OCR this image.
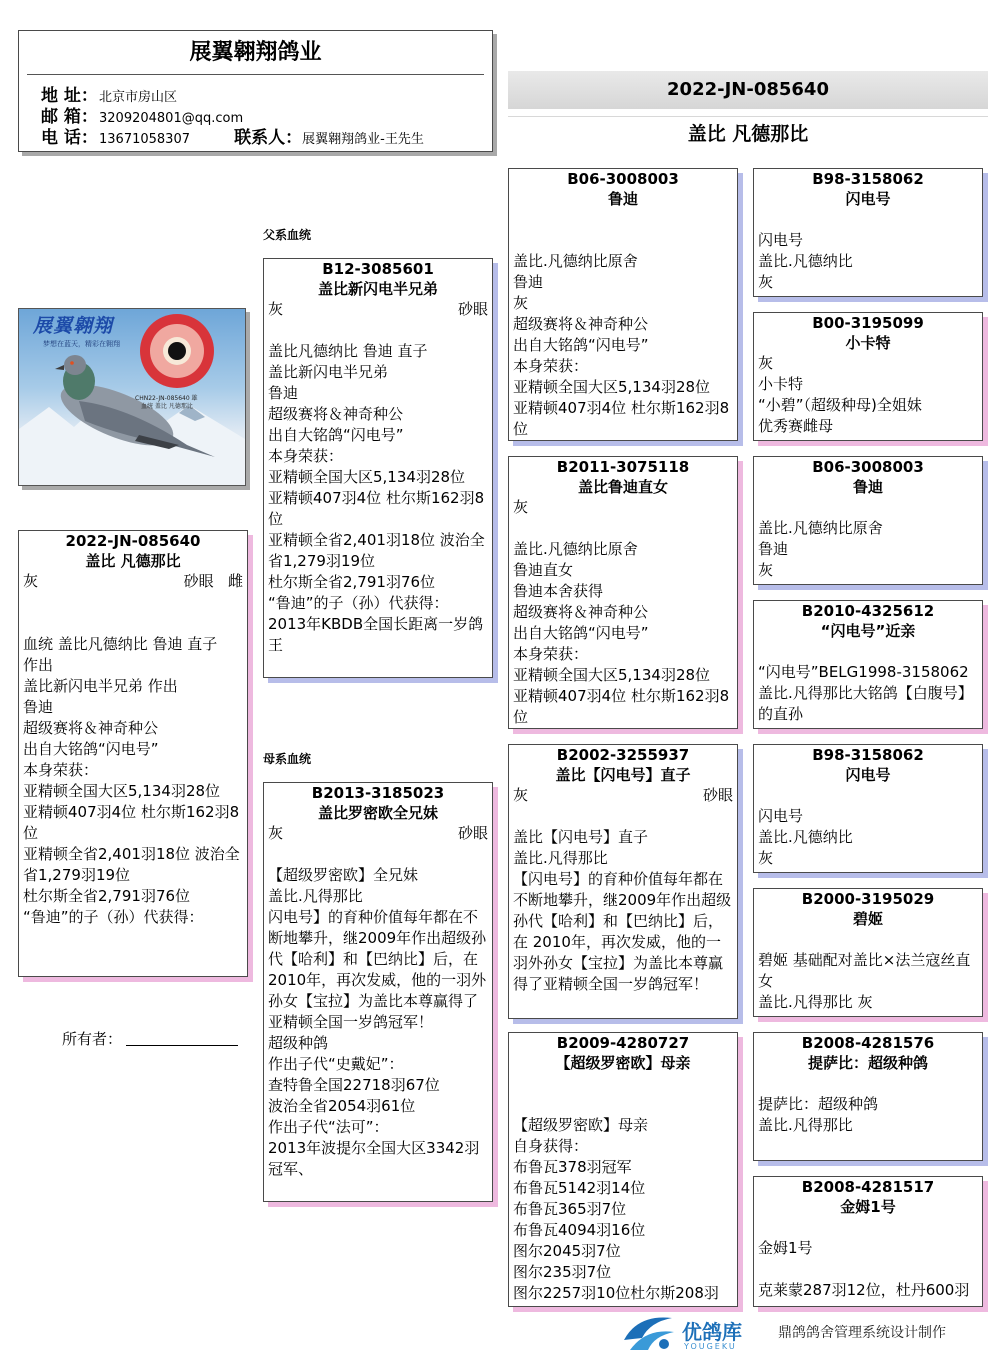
展翼翱翔鸽业
地 址：北京市房山区
邮 箱：3209204801@qq.com
电 话：13671058307	联系人：展翼翱翔鸽业-王先生
2022-JN-085640
盖比 凡德那比
父系血统
母系血统
展翼翱翔
梦想在蓝天，精彩在翱翔
CHN22-JN-085640 雄
血统 盖比 凡德那比
2022-JN-085640
盖比 凡德那比
灰	砂眼 雌
血统 盖比凡德纳比 鲁迪 直子
作出
盖比新闪电半兄弟 作出
鲁迪
超级赛将＆神奇种公
出自大铭鸽“闪电号”
本身荣获：
亚精顿全国大区5,134羽28位
亚精顿407羽4位 杜尔斯162羽8位
亚精顿全省2,401羽18位 波治全
省1,279羽19位
杜尔斯全省2,791羽76位
“鲁迪”的子（孙）代获得：
所有者：
B12-3085601
盖比新闪电半兄弟
灰	砂眼
盖比凡德纳比 鲁迪 直子
盖比新闪电半兄弟
鲁迪
超级赛将＆神奇种公
出自大铭鸽“闪电号”
本身荣获：
亚精顿全国大区5,134羽28位
亚精顿407羽4位 杜尔斯162羽8位
亚精顿全省2,401羽18位 波治全
省1,279羽19位
杜尔斯全省2,791羽76位
“鲁迪”的子（孙）代获得：
2013年KBDB全国长距离一岁鸽王
B2013-3185023
盖比罗密欧全兄妹
灰	砂眼
【超级罗密欧】全兄妹
盖比.凡得那比
闪电号】的育种价值每年都在不断地攀升，继2009年作出超级孙代【哈利】和【巴纳比】后，在 2010年，再次发威，他的一羽外孙女【宝拉】为盖比本尊赢得了亚精顿全国一岁鸽冠军！
超级种鸽
作出子代“史戴妃”：
查特鲁全国22718羽67位
波治全省2054羽61位
作出子代“法可”：
2013年波提尔全国大区3342羽冠军、
B06-3008003
鲁迪
盖比.凡德纳比原舍
鲁迪
灰
超级赛将＆神奇种公
出自大铭鸽“闪电号”
本身荣获：
亚精顿全国大区5,134羽28位
亚精顿407羽4位 杜尔斯162羽8位
B2011-3075118
盖比鲁迪直女
灰
盖比.凡德纳比原舍
鲁迪直女
鲁迪本舍获得
超级赛将＆神奇种公
出自大铭鸽“闪电号”
本身荣获：
亚精顿全国大区5,134羽28位
亚精顿407羽4位 杜尔斯162羽8位
B2002-3255937
盖比【闪电号】直子
灰	砂眼
盖比【闪电号】直子
盖比.凡得那比
【闪电号】的育种价值每年都在不断地攀升，继2009年作出超级孙代【哈利】和【巴纳比】后，在 2010年，再次发威，他的一羽外孙女【宝拉】为盖比本尊赢得了亚精顿全国一岁鸽冠军！
B2009-4280727
【超级罗密欧】母亲
【超级罗密欧】母亲
自身获得：
布鲁瓦378羽冠军
布鲁瓦5142羽14位
布鲁瓦365羽7位
布鲁瓦4094羽16位
图尔2045羽7位
图尔235羽7位
图尔2257羽10位杜尔斯208羽
B98-3158062
闪电号
闪电号
盖比.凡德纳比
灰
B00-3195099
小卡特
灰
小卡特
“小碧”（超级种母)全姐妹
优秀赛雌母
B06-3008003
鲁迪
盖比.凡德纳比原舍
鲁迪
灰
B2010-4325612
“闪电号”近亲
“闪电号”BELG1998-3158062
盖比.凡得那比大铭鸽【白腹号】的直孙
B98-3158062
闪电号
闪电号
盖比.凡德纳比
灰
B2000-3195029
碧姬
碧姬 基础配对盖比×法兰寇丝直女
盖比.凡得那比 灰
B2008-4281576
提萨比：超级种鸽
提萨比：超级种鸽
盖比.凡得那比
B2008-4281517
金姆1号
金姆1号

克莱蒙287羽12位，杜丹600羽
优鸽库
YOUGEKU
鼎鸽鸽舍管理系统设计制作
